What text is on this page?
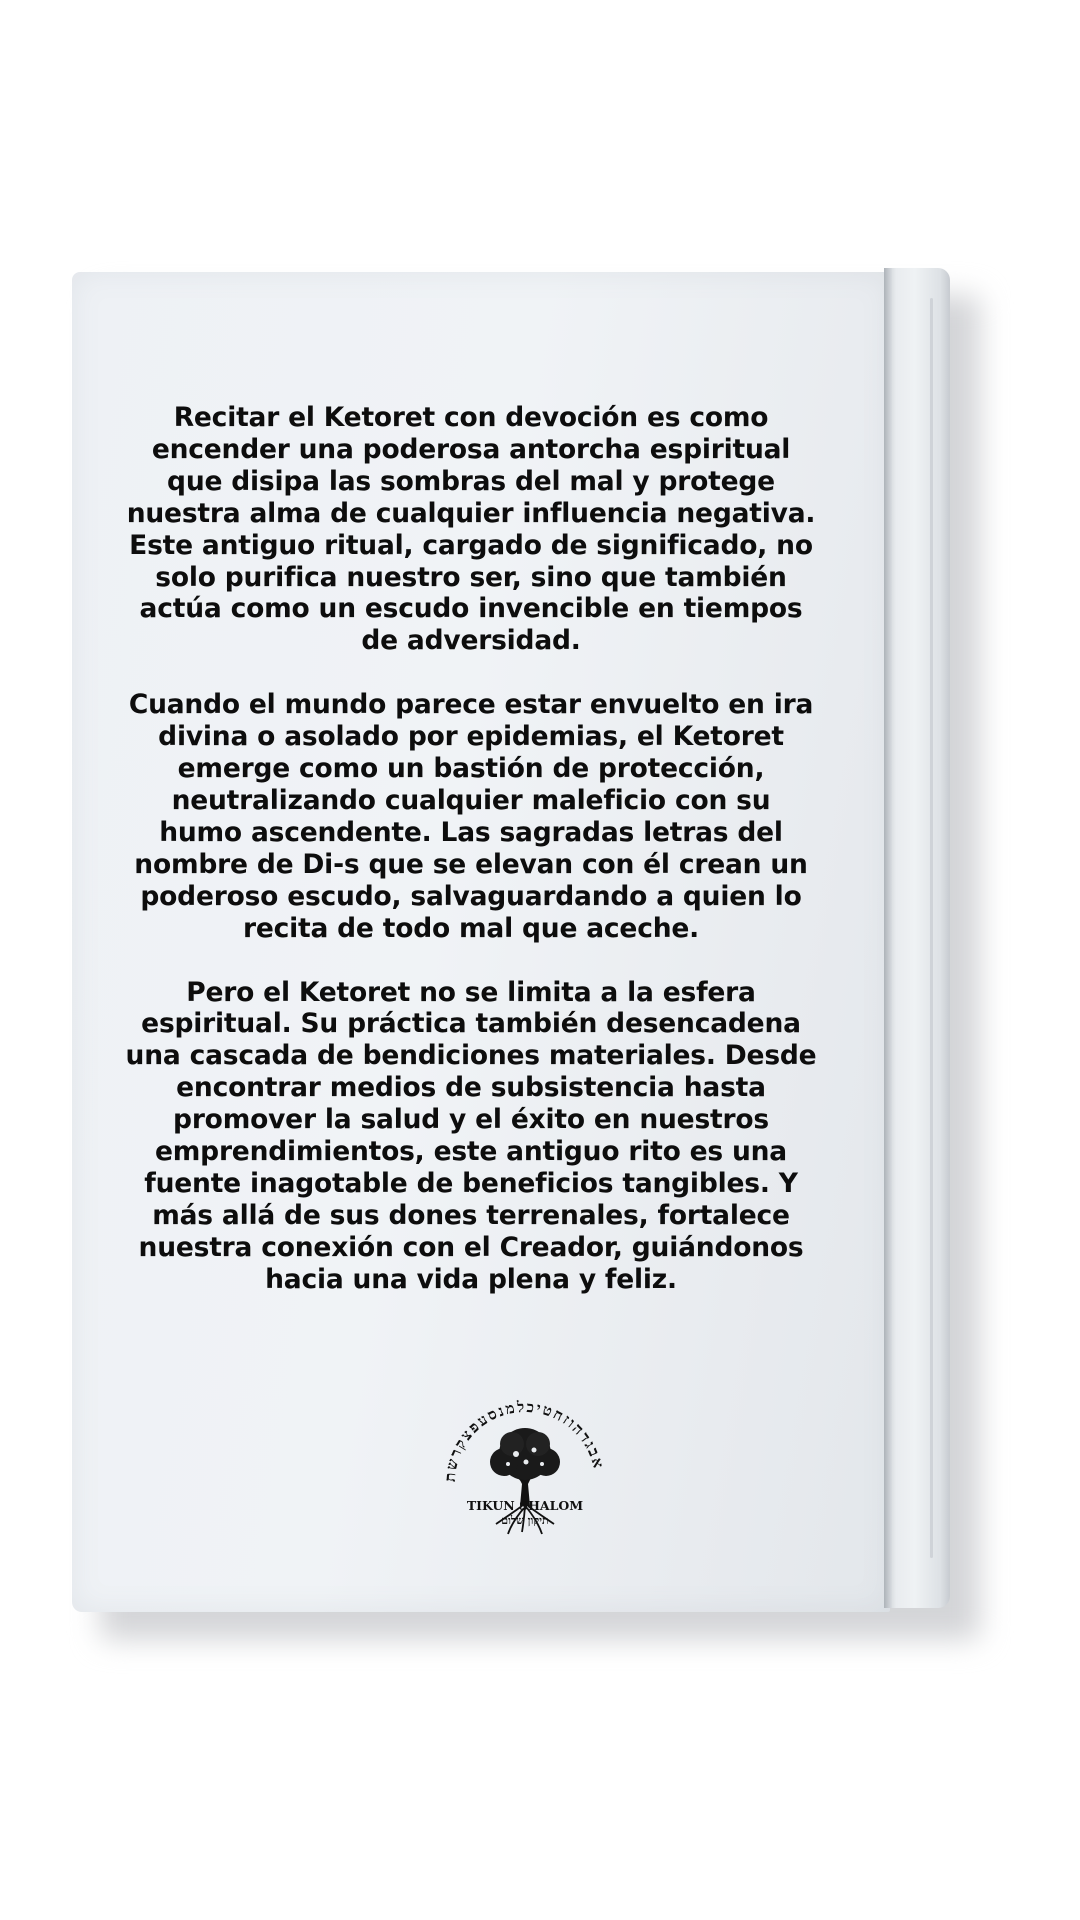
Recitar el Ketoret con devoción es como
encender una poderosa antorcha espiritual
que disipa las sombras del mal y protege
nuestra alma de cualquier influencia negativa.
Este antiguo ritual, cargado de significado, no
solo purifica nuestro ser, sino que también
actúa como un escudo invencible en tiempos
de adversidad.

Cuando el mundo parece estar envuelto en ira
divina o asolado por epidemias, el Ketoret
emerge como un bastión de protección,
neutralizando cualquier maleficio con su
humo ascendente. Las sagradas letras del
nombre de Di-s que se elevan con él crean un
poderoso escudo, salvaguardando a quien lo
recita de todo mal que aceche.

Pero el Ketoret no se limita a la esfera
espiritual. Su práctica también desencadena
una cascada de bendiciones materiales. Desde
encontrar medios de subsistencia hasta
promover la salud y el éxito en nuestros
emprendimientos, este antiguo rito es una
fuente inagotable de beneficios tangibles. Y
más allá de sus dones terrenales, fortalece
nuestra conexión con el Creador, guiándonos
hacia una vida plena y feliz.

אבגדהוזחטיכלמנסעפצקרשת
TIKUN SHALOM
תיקון שלום
